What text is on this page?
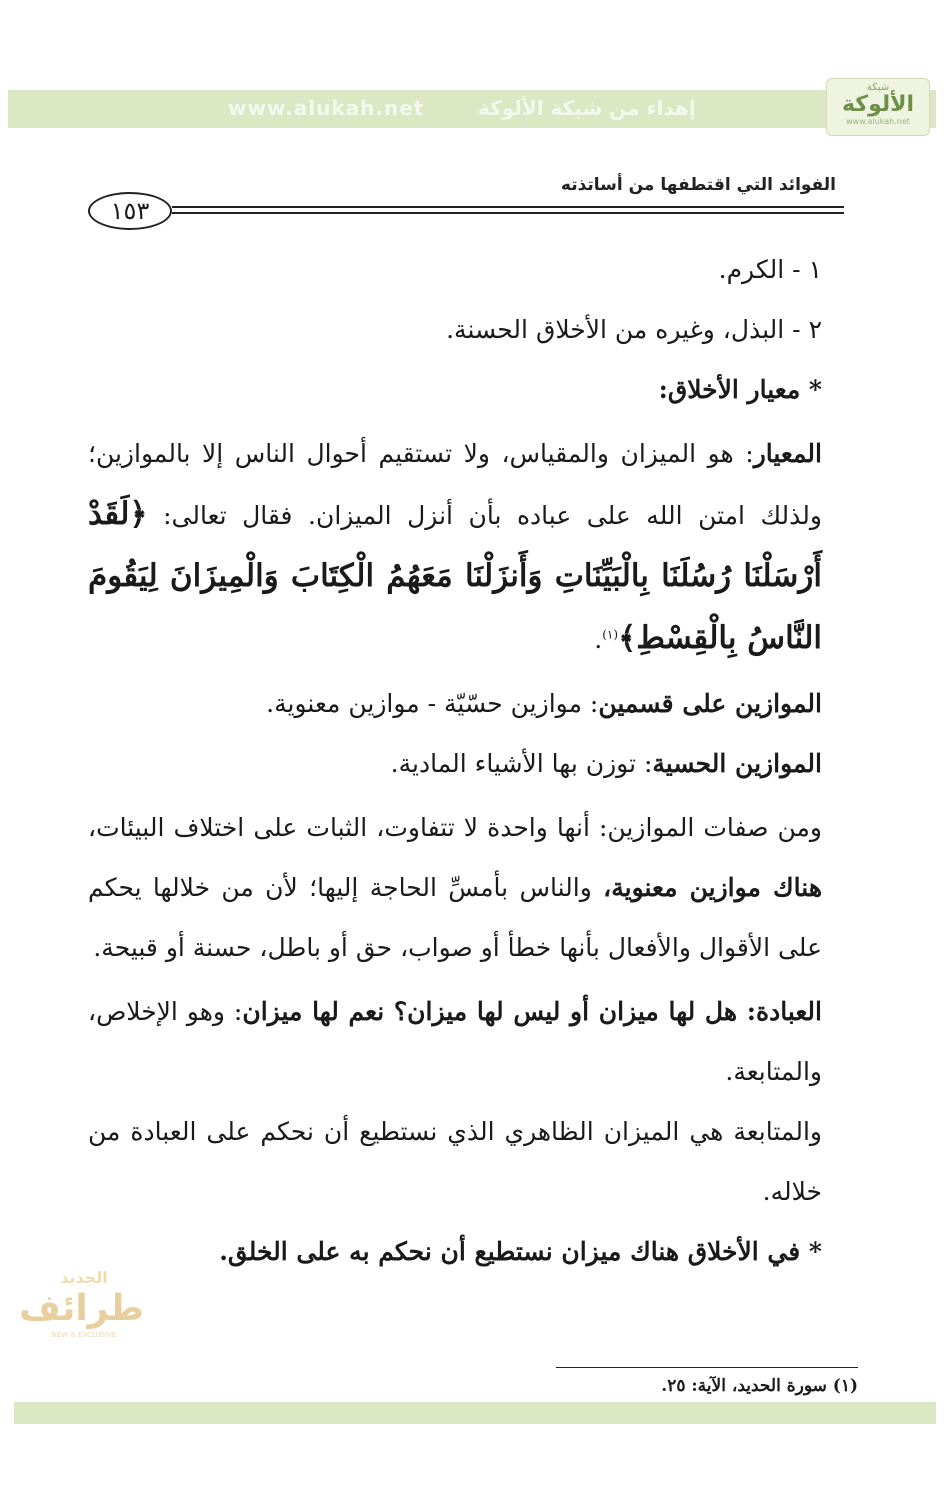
www.alukah.net	إهداء من شبكة الألوكة
شبكة
الألوكة
www.alukah.net
الفوائد التي اقتطفها من أساتذته
١٥٣

١ - الكرم.

٢ - البذل، وغيره من الأخلاق الحسنة.

* معيار الأخلاق:

المعيار: هو الميزان والمقياس، ولا تستقيم أحوال الناس إلا بالموازين؛ ولذلك امتن الله على عباده بأن أنزل الميزان. فقال تعالى: ﴿لَقَدْ أَرْسَلْنَا رُسُلَنَا بِالْبَيِّنَاتِ وَأَنزَلْنَا مَعَهُمُ الْكِتَابَ وَالْمِيزَانَ لِيَقُومَ النَّاسُ بِالْقِسْطِ﴾$^{(١)}$.

الموازين على قسمين: موازين حسّيّة - موازين معنوية.

الموازين الحسية: توزن بها الأشياء المادية.

ومن صفات الموازين: أنها واحدة لا تتفاوت، الثبات على اختلاف البيئات، هناك موازين معنوية، والناس بأمسِّ الحاجة إليها؛ لأن من خلالها يحكم على الأقوال والأفعال بأنها خطأ أو صواب، حق أو باطل، حسنة أو قبيحة.

العبادة: هل لها ميزان أو ليس لها ميزان؟ نعم لها ميزان: وهو الإخلاص، والمتابعة.

والمتابعة هي الميزان الظاهري الذي نستطيع أن نحكم على العبادة من خلاله.

* في الأخلاق هناك ميزان نستطيع أن نحكم به على الخلق.

(١) سورة الحديد، الآية: ٢٥.
الجديد
طرائف
NEW & EXCLUSIVE
